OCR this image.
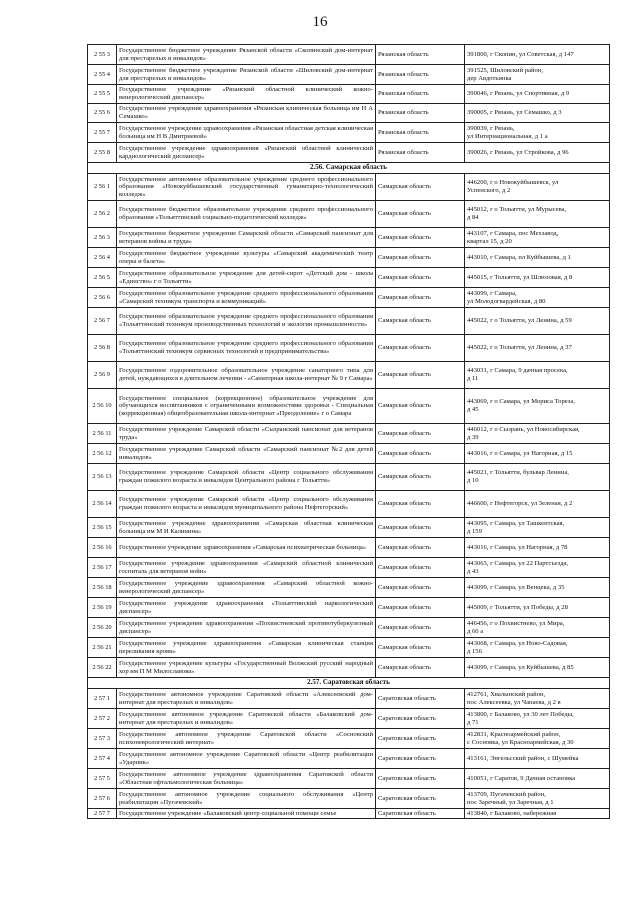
16
2 55 3	Государственное бюджетное учреждение Рязанской области «Скопинский дом-интернат для престарелых и инвалидов»	Рязанская область	391800, г Скопин, ул Советская, д 147

2 55 4	Государственное бюджетное учреждение Рязанской области «Шиловский дом-интернат для престарелых и инвалидов»	Рязанская область	391525, Шиловский район,
дер Авдотьинка

2 55 5	Государственное учреждение «Рязанский областной клинический кожно-венерологический диспансер»	Рязанская область	390046, г Рязань, ул Спортивная, д 9

2 55 6	Государственное учреждение здравоохранения «Рязанская клиническая больница им Н А Семашко»	Рязанская область	390005, г Рязань, ул Семашко, д 3

2 55 7	Государственное учреждение здравоохранения «Рязанская областная детская клиническая больница им Н В Дмитриевой»	Рязанская область	390039, г Рязань,
ул Интернациональная, д 1 а

2 55 8	Государственное учреждение здравоохранения «Рязанский областной клинический кардиологический диспансер»	Рязанская область	390026, г Рязань, ул Стройкова, д 96

2.56. Самарская область			
2 56 1	Государственное автономное образовательное учреждение среднего профессионального образования «Новокуйбышевский государственный гуманитарно-технологический колледж»	Самарская область	446200, г о Новокуйбышевск, ул
Успенского, д 2

2 56 2	Государственное бюджетное образовательное учреждение среднего профессионального образования «Тольяттинский социально-педагогический колледж»	Самарская область	445012, г о Тольятти, ул Мурысева,
д 84

2 56 3	Государственное бюджетное учреждение Самарской области «Самарский пансионат для ветеранов войны и труда»	Самарская область	443107, г Самара, пос Мехзавод,
квартал 15, д 20

2 56 4	Государственное бюджетное учреждение культуры «Самарский академический театр оперы и балета»	Самарская область	443010, г Самара, пл Куйбышева, д 1

2 56 5	Государственное образовательное учреждение для детей-сирот «Детский дом - школа «Единство» г о Тольятти»	Самарская область	445015, г Тольятти, ул Шлюзовая, д 8

2 56 6	Государственное образовательное учреждение среднего профессионального образования «Самарский техникум транспорта и коммуникаций»	Самарская область	443099, г Самара,
ул Молодогвардейская, д 80

2 56 7	Государственное образовательное учреждение среднего профессионального образования «Тольяттинский техникум производственных технологий и экологии промышленности»	Самарская область	445022, г о Тольятти, ул Ленина, д 59

2 56 8	Государственное образовательное учреждение среднего профессионального образования «Тольяттинский техникум сервисных технологий и предпринимательства»	Самарская область	445022, г о Тольятти, ул Ленина, д 37

2 56 9	Государственное оздоровительное образовательное учреждение санаторного типа для детей, нуждающихся в длительном лечении - «Санаторная школа-интернат № 9 г Самара»	Самарская область	443031, г Самара, 9 дачная просека,
д 11

2 56 10	Государственное специальное (коррекционное) образовательное учреждение для обучающихся воспитанников с ограниченными возможностями здоровья - Специальная (коррекционная) общеобразовательная школа-интернат «Преодоление» г о Самара	Самарская область	443069, г о Самара, ул Мориса Тореза,
д 45

2 56 11	Государственное учреждение Самарской области «Сызранский пансионат для ветеранов труда»	Самарская область	446012, г о Сызрань, ул Новосибирская,
д 39

2 56 12	Государственное учреждение Самарской области «Самарский пансионат №2 для детей инвалидов»	Самарская область	443016, г о Самара, ул Нагорная, д 15

2 56 13	Государственное учреждение Самарской области «Центр социального обслуживания граждан пожилого возраста и инвалидов Центрального района г Тольятти»	Самарская область	445021, г Тольятти, бульвар Ленина,
д 10

2 56 14	Государственное учреждение Самарской области «Центр социального обслуживания граждан пожилого возраста и инвалидов муниципального района Нефтегорский»	Самарская область	446600, г Нефтегорск, ул Зеленая, д 2

2 56 15	Государственное учреждение здравоохранения «Самарская областная клиническая больница им М И Калинина»	Самарская область	443095, г Самара, ул Ташкентская,
д 159

2 56 16	Государственное учреждение здравоохранения «Самарская психиатрическая больница»	Самарская область	443016, г Самара, ул Нагорная, д 78

2 56 17	Государственное учреждение здравоохранения «Самарский областной клинический госпиталь для ветеранов войн»	Самарская область	443063, г Самара, ул 22 Партсъезда,
д 43

2 56 18	Государственное учреждение здравоохранения «Самарский областной кожно-венерологический диспансер»	Самарская область	443099, г Самара, ул Венцека, д 35

2 56 19	Государственное учреждение здравоохранения «Тольяттинский наркологический диспансер»	Самарская область	445009, г Тольятти, ул Победы, д 28

2 56 20	Государственное учреждение здравоохранения «Похвистневский противотуберкулезный диспансер»	Самарская область	446456, г о Похвистнево, ул Мира,
д 60 а

2 56 21	Государственное учреждение здравоохранения «Самарская клиническая станция переливания крови»	Самарская область	443068, г Самара, ул Ново-Садовая,
д 156

2 56 22	Государственное учреждение культуры «Государственный Волжский русский народный хор им П М Милославова»	Самарская область	443099, г Самара, ул Куйбышева, д 85

2.57. Саратовская область			
2 57 1	Государственное автономное учреждение Саратовской области «Алексеевский дом-интернат для престарелых и инвалидов»	Саратовская область	412761, Хвалынский район,
пос Алексеевка, ул Чапаева, д 2 в

2 57 2	Государственное автономное учреждение Саратовской области «Балаковский дом-интернат для престарелых и инвалидов»	Саратовская область	413800, г Балаково, ул 30 лет Победы,
д 71

2 57 3	Государственное автономное учреждение Саратовской области «Сосновский психоневрологический интернат»	Саратовская область	412831, Красноармейский район,
с Сосновка, ул Красноармейская, д 30

2 57 4	Государственное автономное учреждение Саратовской области «Центр реабилитации «Ударник»	Саратовская область	413161, Энгельсский район, с Шумейка

2 57 5	Государственное автономное учреждение здравоохранения Саратовской области «Областная офтальмологическая больница»	Саратовская область	410051, г Саратов, 9 Дачная остановка

2 57 6	Государственное автономное учреждение социального обслуживания «Центр реабилитации «Пугачевский»	Саратовская область	413709, Пугачевский район,
пос Заречный, ул Заречная, д 1

2 57 7	Государственное учреждение «Балаковский центр социальной помощи семье	Саратовская область	413840, г Балаково, набережная
